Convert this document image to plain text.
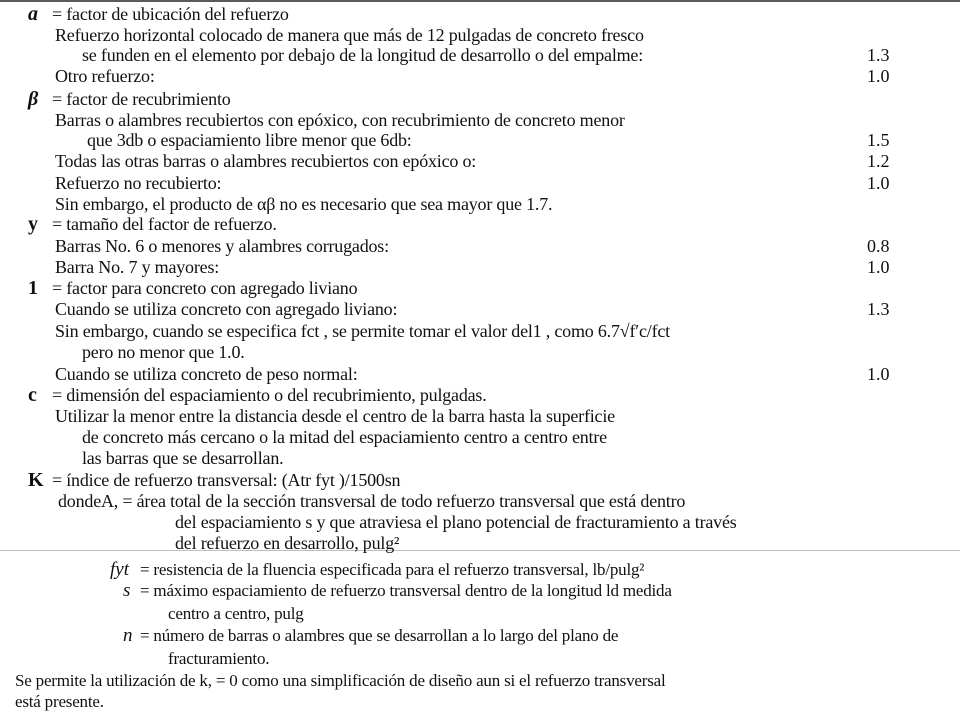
a = factor de ubicación del refuerzo
Refuerzo horizontal colocado de manera que más de 12 pulgadas de concreto fresco
se funden en el elemento por debajo de la longitud de desarrollo o del empalme:	1.3
Otro refuerzo:	1.0
β = factor de recubrimiento
Barras o alambres recubiertos con epóxico, con recubrimiento de concreto menor
que 3db o espaciamiento libre menor que 6db:	1.5
Todas las otras barras o alambres recubiertos con epóxico o:	1.2
Refuerzo no recubierto:	1.0
Sin embargo, el producto de αβ no es necesario que sea mayor que 1.7.
y = tamaño del factor de refuerzo.
Barras No. 6 o menores y alambres corrugados:	0.8
Barra No. 7 y mayores:	1.0
1 = factor para concreto con agregado liviano
Cuando se utiliza concreto con agregado liviano:	1.3
Sin embargo, cuando se especifica fct , se permite tomar el valor del1 , como 6.7√f′c/fct
pero no menor que 1.0.
Cuando se utiliza concreto de peso normal:	1.0
c = dimensión del espaciamiento o del recubrimiento, pulgadas.
Utilizar la menor entre la distancia desde el centro de la barra hasta la superficie
de concreto más cercano o la mitad del espaciamiento centro a centro entre
las barras que se desarrollan.
K = índice de refuerzo transversal: (Atr fyt )/1500sn
dondeA, = área total de la sección transversal de todo refuerzo transversal que está dentro
del espaciamiento s y que atraviesa el plano potencial de fracturamiento a través
del refuerzo en desarrollo, pulg²
fyt = resistencia de la fluencia especificada para el refuerzo transversal, lb/pulg²
s = máximo espaciamiento de refuerzo transversal dentro de la longitud ld medida
centro a centro, pulg
n = número de barras o alambres que se desarrollan a lo largo del plano de
fracturamiento.
Se permite la utilización de k, = 0 como una simplificación de diseño aun si el refuerzo transversal
está presente.
